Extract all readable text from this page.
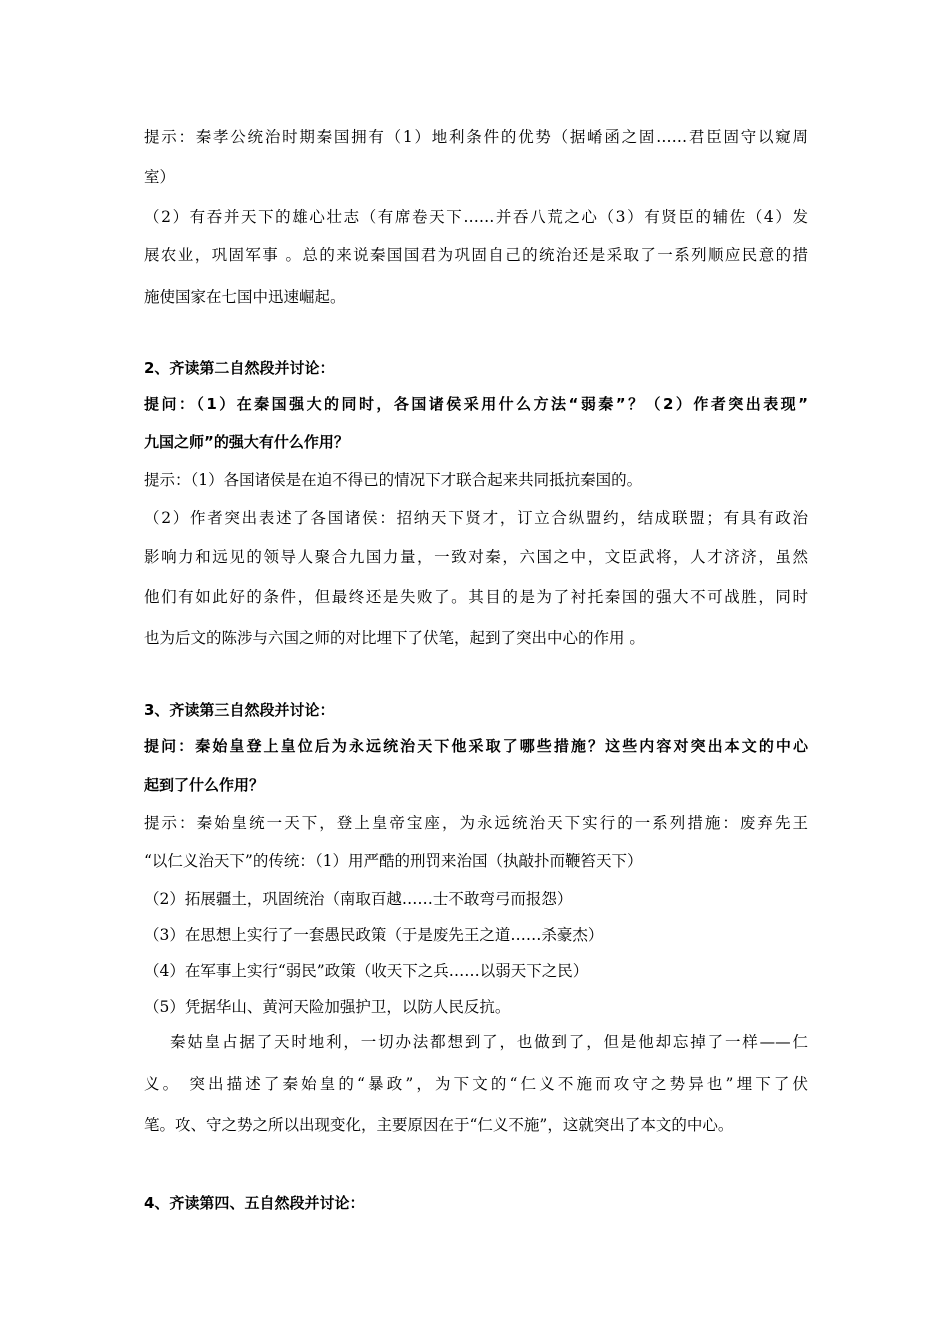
提示：秦孝公统治时期秦国拥有（1）地利条件的优势（据崤函之固……君臣固守以窥周
室）
（2）有吞并天下的雄心壮志（有席卷天下……并吞八荒之心（3）有贤臣的辅佐（4）发
展农业，巩固军事 。总的来说秦国国君为巩固自己的统治还是采取了一系列顺应民意的措
施使国家在七国中迅速崛起。
2、齐读第二自然段并讨论：
提问：（1）在秦国强大的同时，各国诸侯采用什么方法“弱秦”？（2）作者突出表现”
九国之师”的强大有什么作用？
提示：（1）各国诸侯是在迫不得已的情况下才联合起来共同抵抗秦国的。
（2）作者突出表述了各国诸侯：招纳天下贤才，订立合纵盟约，结成联盟；有具有政治
影响力和远见的领导人聚合九国力量，一致对秦，六国之中，文臣武将，人才济济，虽然
他们有如此好的条件，但最终还是失败了。其目的是为了衬托秦国的强大不可战胜，同时
也为后文的陈涉与六国之师的对比埋下了伏笔，起到了突出中心的作用 。
3、齐读第三自然段并讨论：
提问：秦始皇登上皇位后为永远统治天下他采取了哪些措施？这些内容对突出本文的中心
起到了什么作用？
提示：秦始皇统一天下，登上皇帝宝座，为永远统治天下实行的一系列措施：废弃先王
“以仁义治天下”的传统：（1）用严酷的刑罚来治国（执敲扑而鞭笞天下）
（2）拓展疆土，巩固统治（南取百越……士不敢弯弓而报怨）
（3）在思想上实行了一套愚民政策（于是废先王之道……杀豪杰）
（4）在军事上实行“弱民”政策（收天下之兵……以弱天下之民）
（5）凭据华山、黄河天险加强护卫，以防人民反抗。
秦姑皇占据了天时地利，一切办法都想到了，也做到了，但是他却忘掉了一样——仁
义。 突出描述了秦始皇的“暴政”，为下文的“仁义不施而攻守之势异也”埋下了伏
笔。攻、守之势之所以出现变化，主要原因在于“仁义不施”，这就突出了本文的中心。
4、齐读第四、五自然段并讨论：
